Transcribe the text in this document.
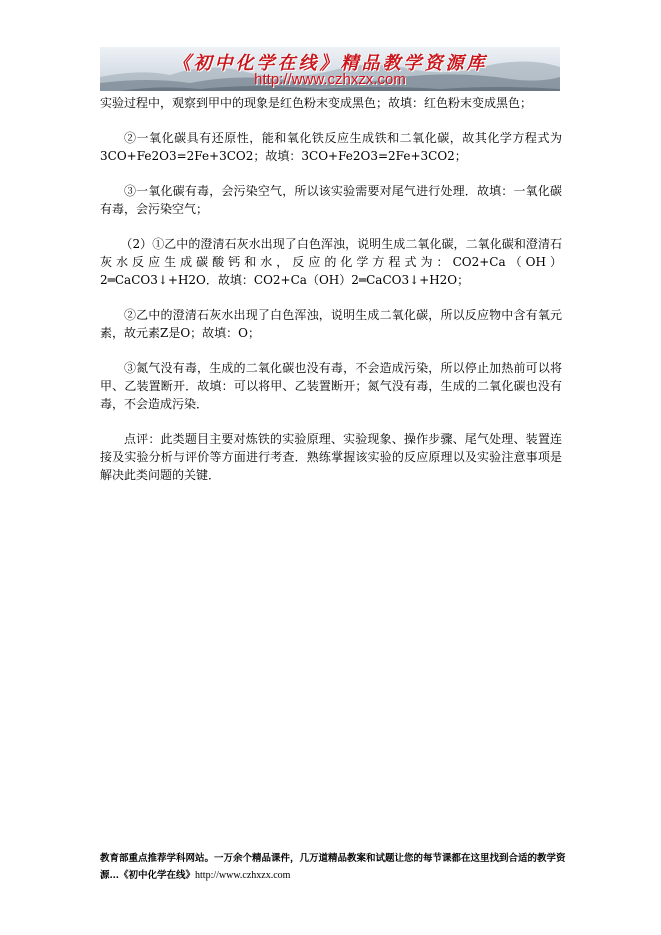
《初中化学在线》精品教学资源库
http://www.czhxzx.com

实验过程中，观察到甲中的现象是红色粉末变成黑色；故填：红色粉末变成黑色；

②一氧化碳具有还原性，能和氧化铁反应生成铁和二氧化碳，故其化学方程式为3CO+Fe2O3=2Fe+3CO2；故填：3CO+Fe2O3=2Fe+3CO2；

③一氧化碳有毒，会污染空气，所以该实验需要对尾气进行处理．故填：一氧化碳有毒，会污染空气；

（2）①乙中的澄清石灰水出现了白色浑浊，说明生成二氧化碳，二氧化碳和澄清石灰水反应生成碳酸钙和水，反应的化学方程式为：CO2+Ca（OH）2═CaCO3↓+H2O．故填：CO2+Ca（OH）2═CaCO3↓+H2O；

②乙中的澄清石灰水出现了白色浑浊，说明生成二氧化碳，所以反应物中含有氧元素，故元素Z是O；故填：O；

③氮气没有毒，生成的二氧化碳也没有毒，不会造成污染，所以停止加热前可以将甲、乙装置断开．故填：可以将甲、乙装置断开；氮气没有毒，生成的二氧化碳也没有毒，不会造成污染．

点评：此类题目主要对炼铁的实验原理、实验现象、操作步骤、尾气处理、装置连接及实验分析与评价等方面进行考查．熟练掌握该实验的反应原理以及实验注意事项是解决此类问题的关键．

教育部重点推荐学科网站。一万余个精品课件，几万道精品教案和试题让您的每节课都在这里找到合适的教学资源…《初中化学在线》http://www.czhxzx.com
